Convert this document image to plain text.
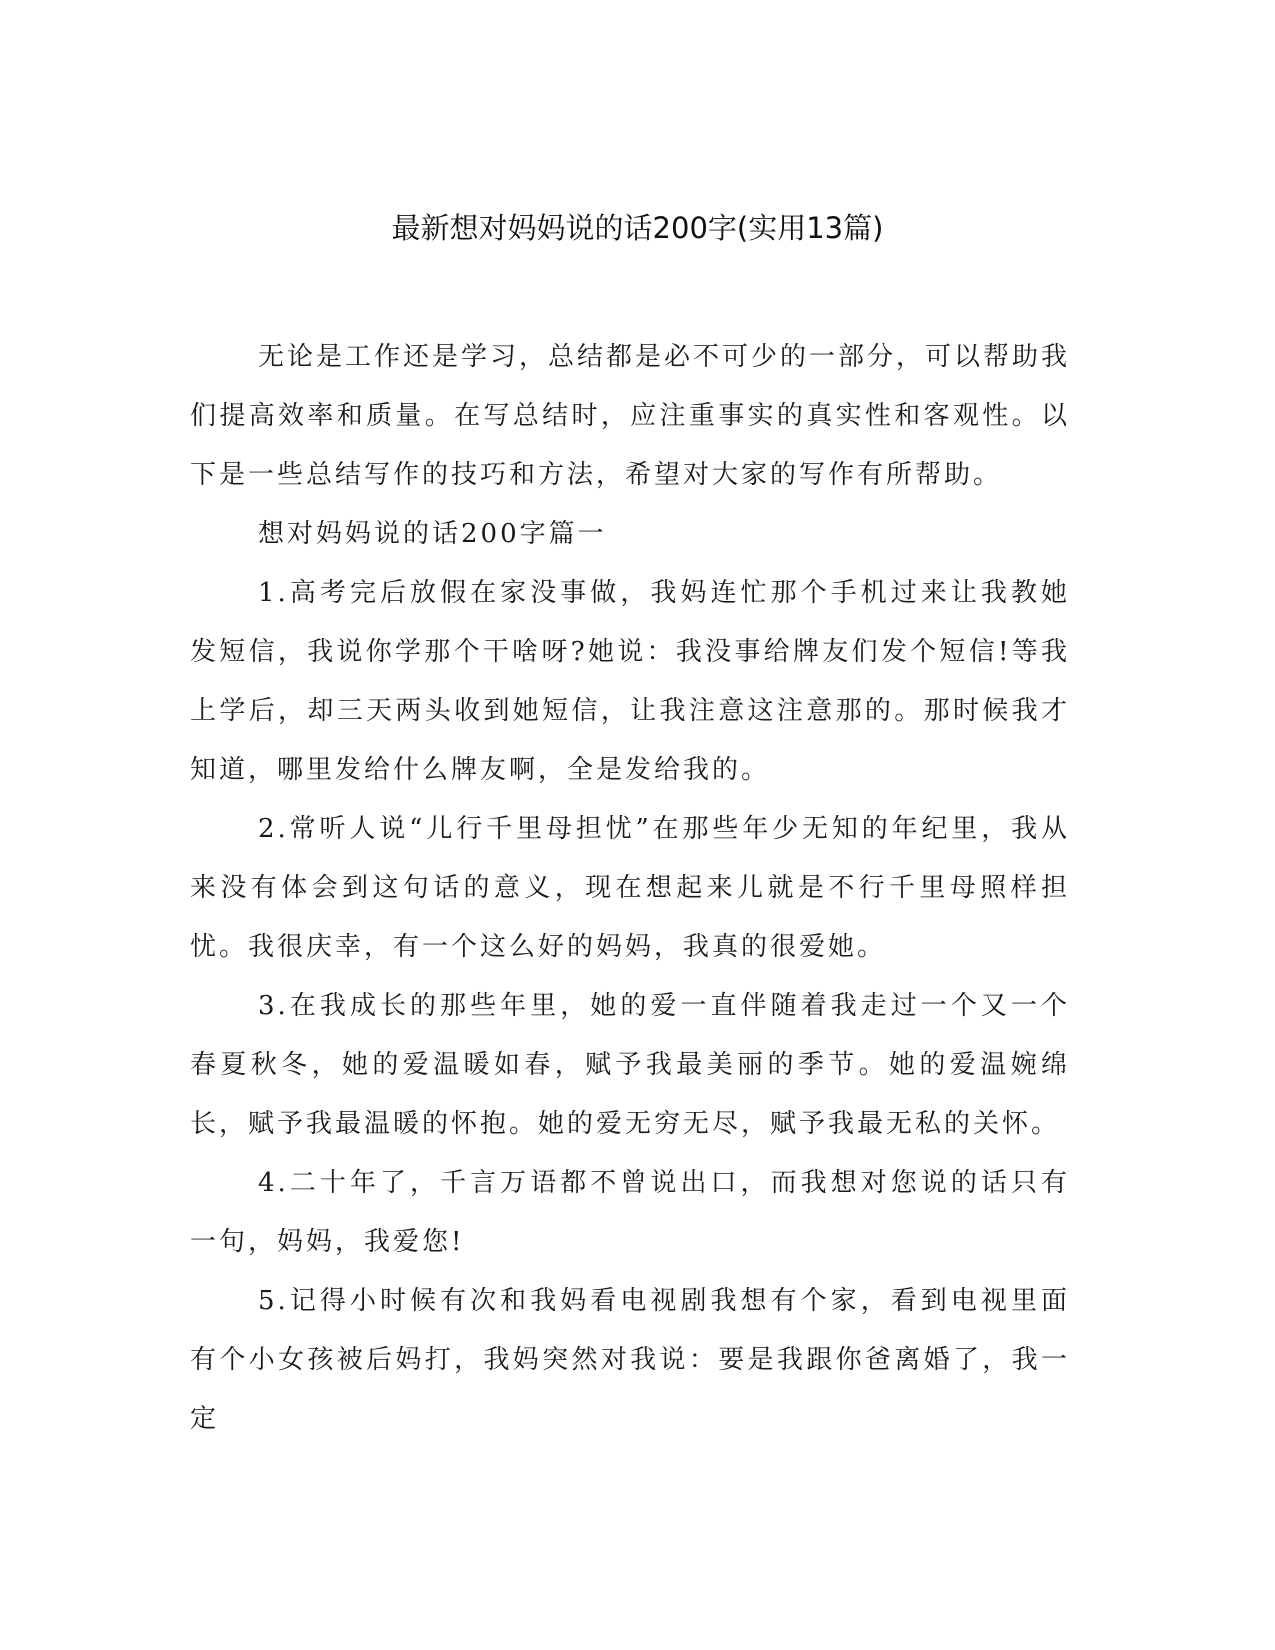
最新想对妈妈说的话200字(实用13篇)

无论是工作还是学习，总结都是必不可少的一部分，可以帮助我们提高效率和质量。在写总结时，应注重事实的真实性和客观性。以下是一些总结写作的技巧和方法，希望对大家的写作有所帮助。

想对妈妈说的话200字篇一

1.高考完后放假在家没事做，我妈连忙那个手机过来让我教她发短信，我说你学那个干啥呀?她说：我没事给牌友们发个短信!等我上学后，却三天两头收到她短信，让我注意这注意那的。那时候我才知道，哪里发给什么牌友啊，全是发给我的。

2.常听人说“儿行千里母担忧”在那些年少无知的年纪里，我从来没有体会到这句话的意义，现在想起来儿就是不行千里母照样担忧。我很庆幸，有一个这么好的妈妈，我真的很爱她。

3.在我成长的那些年里，她的爱一直伴随着我走过一个又一个春夏秋冬，她的爱温暖如春，赋予我最美丽的季节。她的爱温婉绵长，赋予我最温暖的怀抱。她的爱无穷无尽，赋予我最无私的关怀。

4.二十年了，千言万语都不曾说出口，而我想对您说的话只有一句，妈妈，我爱您!

5.记得小时候有次和我妈看电视剧我想有个家，看到电视里面有个小女孩被后妈打，我妈突然对我说：要是我跟你爸离婚了，我一定
